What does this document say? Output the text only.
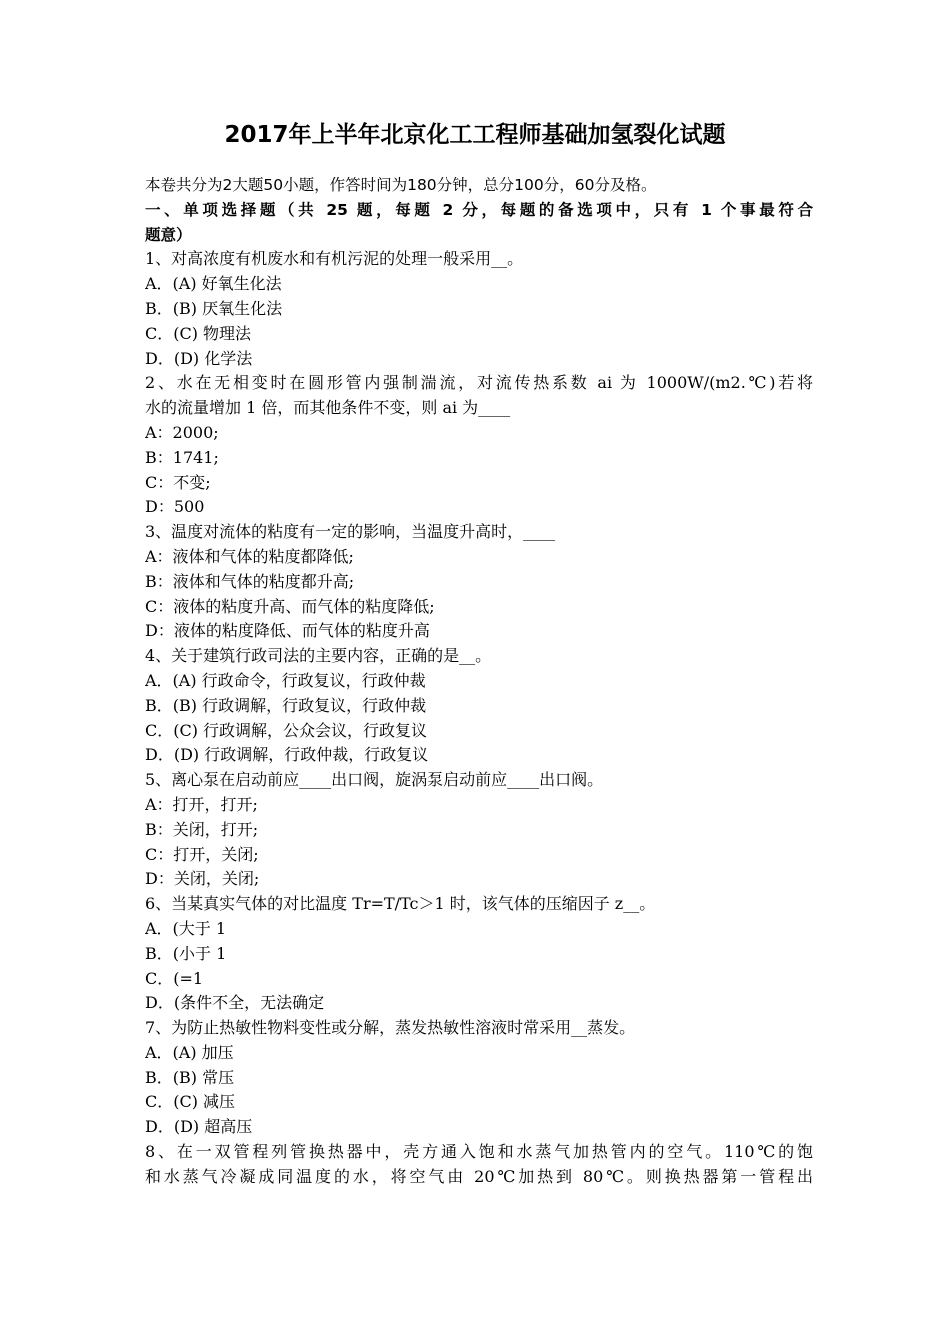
2017年上半年北京化工工程师基础加氢裂化试题
本卷共分为2大题50小题，作答时间为180分钟，总分100分，60分及格。
一、单项选择题（共 25 题，每题 2 分，每题的备选项中，只有 1 个事最符合
题意）
1、对高浓度有机废水和有机污泥的处理一般采用__。
A．(A) 好氧生化法
B．(B) 厌氧生化法
C．(C) 物理法
D．(D) 化学法
2、水在无相变时在圆形管内强制湍流，对流传热系数 ai 为 1000W/(m2.℃)若将
水的流量增加 1 倍，而其他条件不变，则 ai 为____
A：2000;
B：1741;
C：不变;
D：500
3、温度对流体的粘度有一定的影响，当温度升高时，____
A：液体和气体的粘度都降低;
B：液体和气体的粘度都升高;
C：液体的粘度升高、而气体的粘度降低;
D：液体的粘度降低、而气体的粘度升高
4、关于建筑行政司法的主要内容，正确的是__。
A．(A) 行政命令，行政复议，行政仲裁
B．(B) 行政调解，行政复议，行政仲裁
C．(C) 行政调解，公众会议，行政复议
D．(D) 行政调解，行政仲裁，行政复议
5、离心泵在启动前应____出口阀，旋涡泵启动前应____出口阀。
A：打开，打开;
B：关闭，打开;
C：打开，关闭;
D：关闭，关闭;
6、当某真实气体的对比温度 Tr=T/Tc＞1 时，该气体的压缩因子 z__。
A．(大于 1
B．(小于 1
C．(=1
D．(条件不全，无法确定
7、为防止热敏性物料变性或分解，蒸发热敏性溶液时常采用__蒸发。
A．(A) 加压
B．(B) 常压
C．(C) 减压
D．(D) 超高压
8、在一双管程列管换热器中，壳方通入饱和水蒸气加热管内的空气。110℃的饱
和水蒸气冷凝成同温度的水，将空气由 20℃加热到 80℃。则换热器第一管程出
